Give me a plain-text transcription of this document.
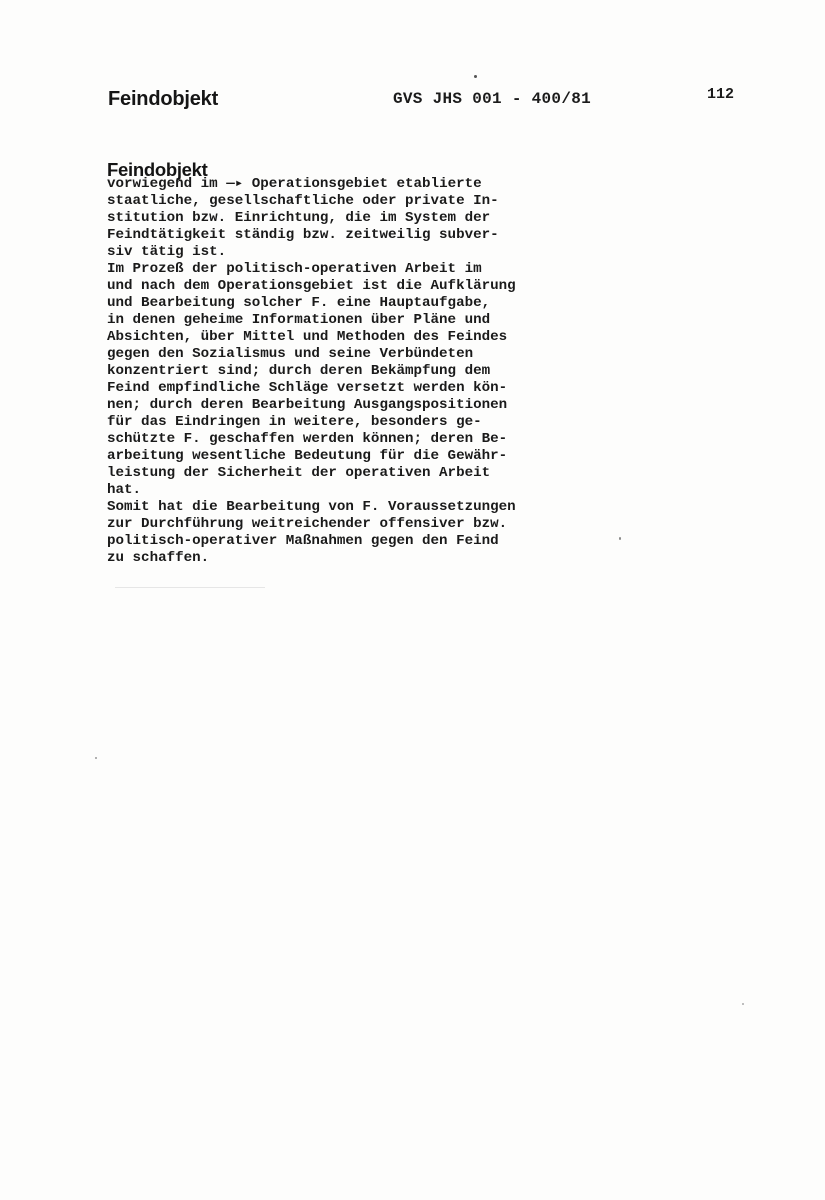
Feindobjekt	GVS JHS 001 - 400/81	112
Feindobjekt
vorwiegend im —▸ Operationsgebiet etablierte
staatliche, gesellschaftliche oder private In-
stitution bzw. Einrichtung, die im System der
Feindtätigkeit ständig bzw. zeitweilig subver-
siv tätig ist.
Im Prozeß der politisch-operativen Arbeit im
und nach dem Operationsgebiet ist die Aufklärung
und Bearbeitung solcher F. eine Hauptaufgabe,
in denen geheime Informationen über Pläne und
Absichten, über Mittel und Methoden des Feindes
gegen den Sozialismus und seine Verbündeten
konzentriert sind; durch deren Bekämpfung dem
Feind empfindliche Schläge versetzt werden kön-
nen; durch deren Bearbeitung Ausgangspositionen
für das Eindringen in weitere, besonders ge-
schützte F. geschaffen werden können; deren Be-
arbeitung wesentliche Bedeutung für die Gewähr-
leistung der Sicherheit der operativen Arbeit
hat.
Somit hat die Bearbeitung von F. Voraussetzungen
zur Durchführung weitreichender offensiver bzw.
politisch-operativer Maßnahmen gegen den Feind
zu schaffen.
